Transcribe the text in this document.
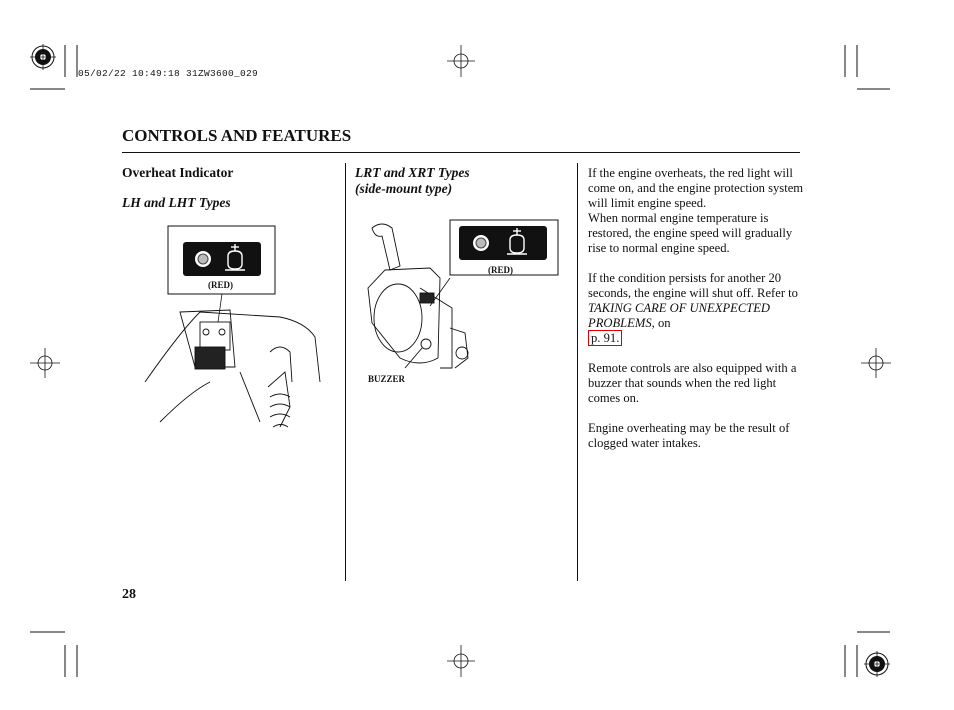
05/02/22 10:49:18 31ZW3600_029
CONTROLS AND FEATURES
Overheat Indicator
LH and LHT Types
(RED)
LRT and XRT Types
(side-mount type)
(RED)
BUZZER
If the engine overheats, the red light will come on, and the engine protection system will limit engine speed.

When normal engine temperature is restored, the engine speed will gradually rise to normal engine speed.

If the condition persists for another 20 seconds, the engine will shut off. Refer to TAKING CARE OF UNEXPECTED PROBLEMS, on
p. 91.

Remote controls are also equipped with a buzzer that sounds when the red light comes on.

Engine overheating may be the result of clogged water intakes.

28
